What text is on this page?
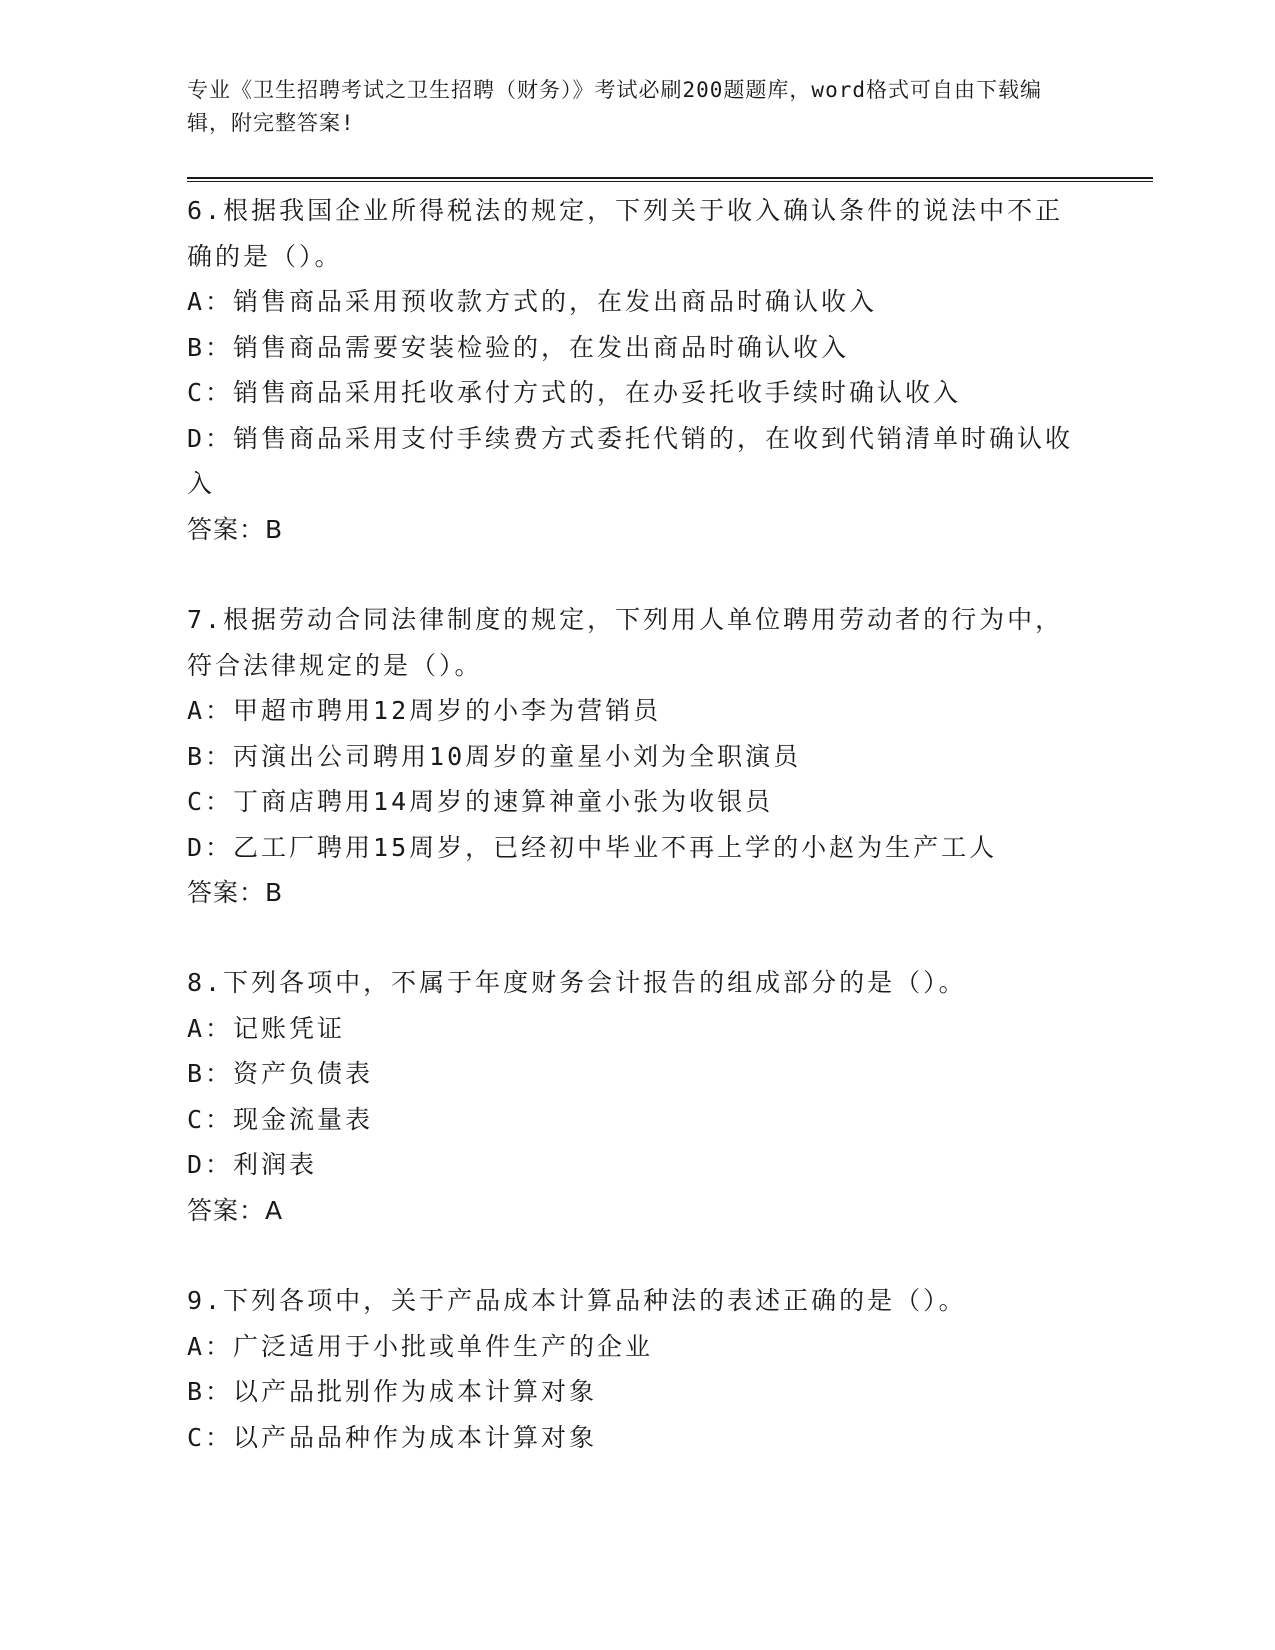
专业《卫生招聘考试之卫生招聘（财务）》考试必刷200题题库，word格式可自由下载编辑，附完整答案!
6.根据我国企业所得税法的规定，下列关于收入确认条件的说法中不正确的是（）。
A：销售商品采用预收款方式的，在发出商品时确认收入
B：销售商品需要安装检验的，在发出商品时确认收入
C：销售商品采用托收承付方式的，在办妥托收手续时确认收入
D：销售商品采用支付手续费方式委托代销的，在收到代销清单时确认收入
答案：B
7.根据劳动合同法律制度的规定，下列用人单位聘用劳动者的行为中，符合法律规定的是（）。
A：甲超市聘用12周岁的小李为营销员
B：丙演出公司聘用10周岁的童星小刘为全职演员
C：丁商店聘用14周岁的速算神童小张为收银员
D：乙工厂聘用15周岁，已经初中毕业不再上学的小赵为生产工人
答案：B
8.下列各项中，不属于年度财务会计报告的组成部分的是（）。
A：记账凭证
B：资产负债表
C：现金流量表
D：利润表
答案：A
9.下列各项中，关于产品成本计算品种法的表述正确的是（）。
A：广泛适用于小批或单件生产的企业
B：以产品批别作为成本计算对象
C：以产品品种作为成本计算对象
